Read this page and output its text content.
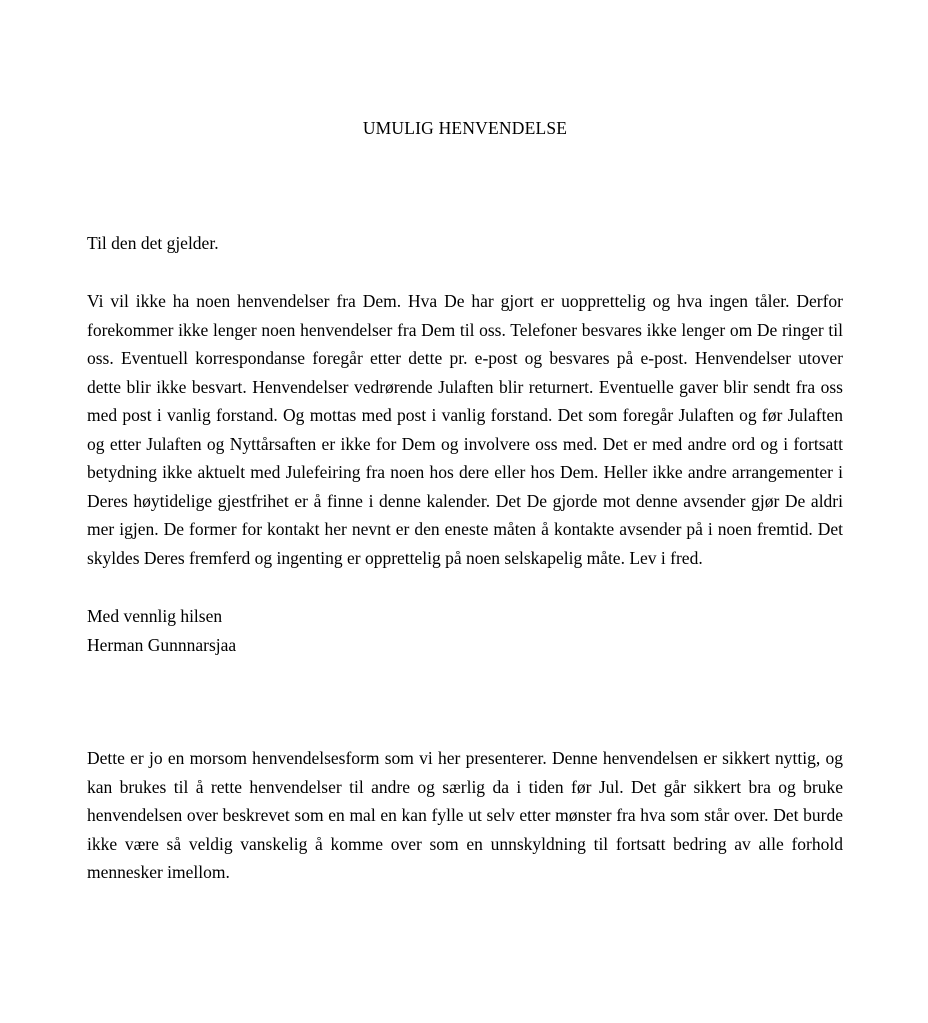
UMULIG HENVENDELSE

Til den det gjelder.

Vi vil ikke ha noen henvendelser fra Dem. Hva De har gjort er uopprettelig og hva ingen tåler. Derfor forekommer ikke lenger noen henvendelser fra Dem til oss. Telefoner besvares ikke lenger om De ringer til oss. Eventuell korrespondanse foregår etter dette pr. e-post og besvares på e-post. Henvendelser utover dette blir ikke besvart. Henvendelser vedrørende Julaften blir returnert. Eventuelle gaver blir sendt fra oss med post i vanlig forstand. Og mottas med post i vanlig forstand. Det som foregår Julaften og før Julaften og etter Julaften og Nyttårsaften er ikke for Dem og involvere oss med. Det er med andre ord og i fortsatt betydning ikke aktuelt med Julefeiring fra noen hos dere eller hos Dem. Heller ikke andre arrangementer i Deres høytidelige gjestfrihet er å finne i denne kalender. Det De gjorde mot denne avsender gjør De aldri mer igjen. De former for kontakt her nevnt er den eneste måten å kontakte avsender på i noen fremtid. Det skyldes Deres fremferd og ingenting er opprettelig på noen selskapelig måte. Lev i fred.

Med vennlig hilsen

Herman Gunnnarsjaa

Dette er jo en morsom henvendelsesform som vi her presenterer. Denne henvendelsen er sikkert nyttig, og kan brukes til å rette henvendelser til andre og særlig da i tiden før Jul. Det går sikkert bra og bruke henvendelsen over beskrevet som en mal en kan fylle ut selv etter mønster fra hva som står over. Det burde ikke være så veldig vanskelig å komme over som en unnskyldning til fortsatt bedring av alle forhold mennesker imellom.
